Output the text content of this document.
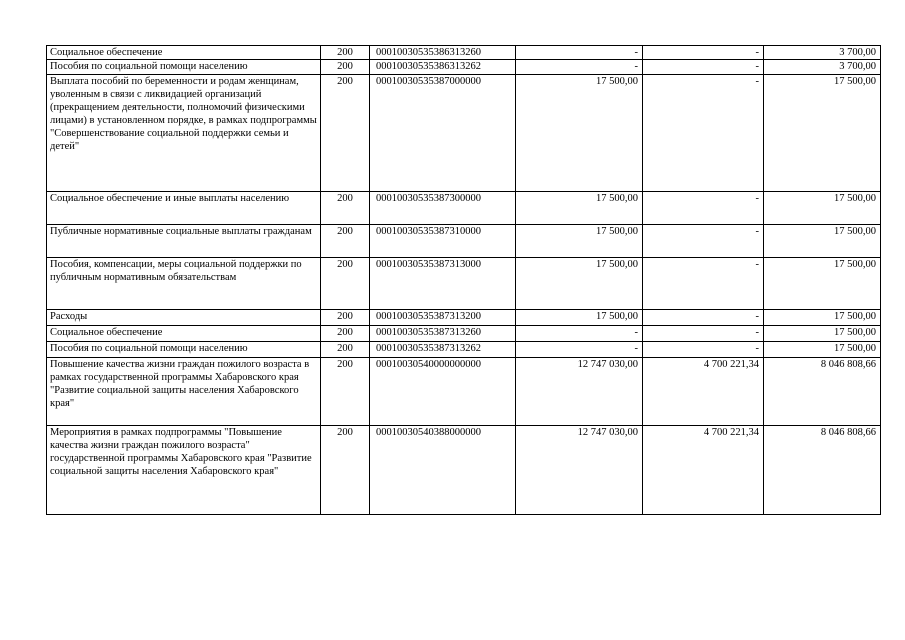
Социальное обеспечение	200	00010030535386313260	-	-	3 700,00
Пособия по социальной помощи населению	200	00010030535386313262	-	-	3 700,00
Выплата пособий по беременности и родам женщинам, уволенным в связи с ликвидацией организаций (прекращением деятельности, полномочий физическими лицами) в установленном порядке, в рамках подпрограммы "Совершенствование социальной поддержки семьи и детей"	200	00010030535387000000	17 500,00	-	17 500,00
Социальное обеспечение и иные выплаты населению	200	00010030535387300000	17 500,00	-	17 500,00
Публичные нормативные социальные выплаты гражданам	200	00010030535387310000	17 500,00	-	17 500,00
Пособия, компенсации, меры социальной поддержки по публичным нормативным обязательствам	200	00010030535387313000	17 500,00	-	17 500,00
Расходы	200	00010030535387313200	17 500,00	-	17 500,00
Социальное обеспечение	200	00010030535387313260	-	-	17 500,00
Пособия по социальной помощи населению	200	00010030535387313262	-	-	17 500,00
Повышение качества жизни граждан пожилого возраста в рамках государственной программы Хабаровского края "Развитие социальной защиты населения Хабаровского края"	200	00010030540000000000	12 747 030,00	4 700 221,34	8 046 808,66
Мероприятия в рамках подпрограммы "Повышение качества жизни граждан пожилого возраста" государственной программы Хабаровского края "Развитие социальной защиты населения Хабаровского края"	200	00010030540388000000	12 747 030,00	4 700 221,34	8 046 808,66
